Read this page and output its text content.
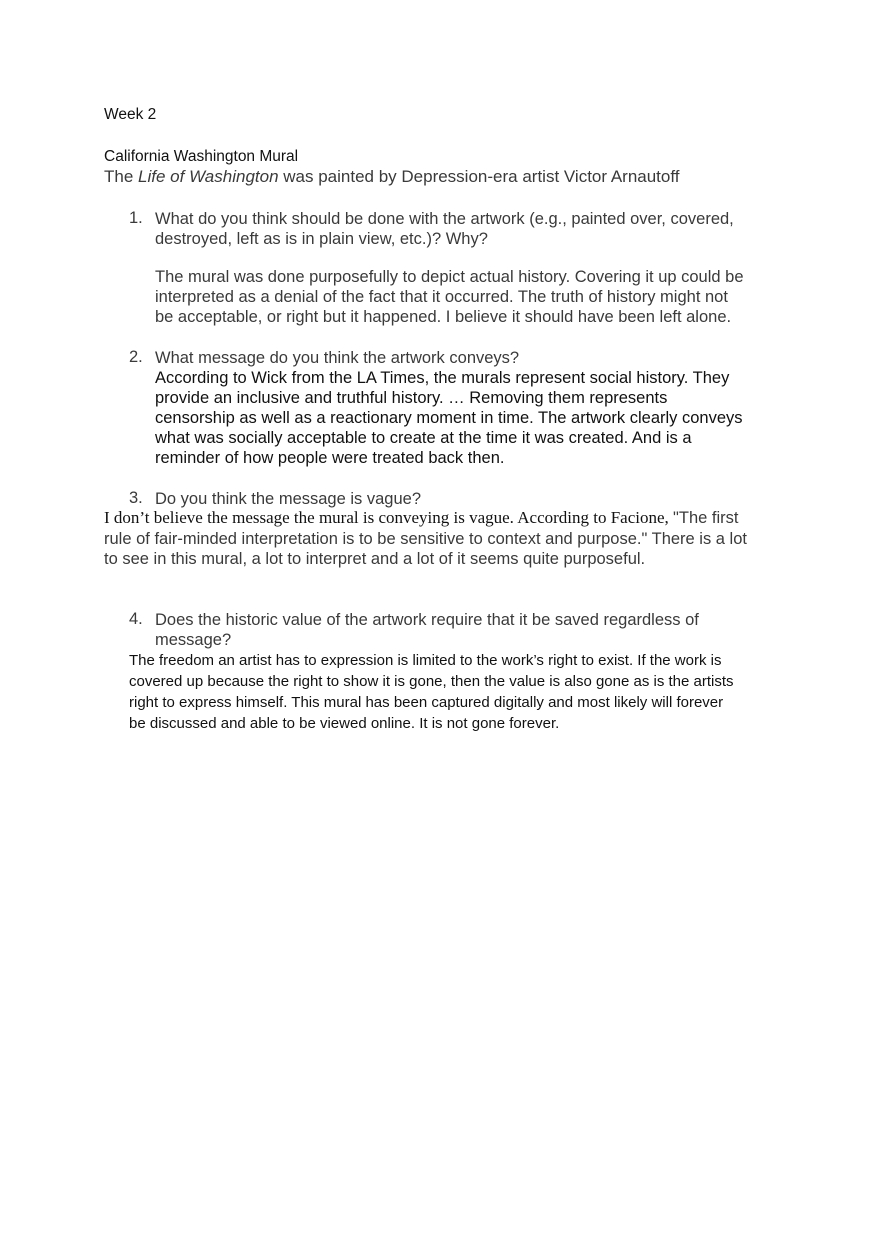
Week 2
California Washington Mural
The Life of Washington was painted by Depression-era artist Victor Arnautoff
1. What do you think should be done with the artwork (e.g., painted over, covered,
destroyed, left as is in plain view, etc.)? Why?
The mural was done purposefully to depict actual history. Covering it up could be
interpreted as a denial of the fact that it occurred. The truth of history might not
be acceptable, or right but it happened. I believe it should have been left alone.
2. What message do you think the artwork conveys?
According to Wick from the LA Times, the murals represent social history. They
provide an inclusive and truthful history. … Removing them represents
censorship as well as a reactionary moment in time. The artwork clearly conveys
what was socially acceptable to create at the time it was created. And is a
reminder of how people were treated back then.
3. Do you think the message is vague?
I don’t believe the message the mural is conveying is vague. According to Facione, "The first
rule of fair-minded interpretation is to be sensitive to context and purpose." There is a lot
to see in this mural, a lot to interpret and a lot of it seems quite purposeful.
4. Does the historic value of the artwork require that it be saved regardless of
message?
The freedom an artist has to expression is limited to the work’s right to exist. If the work is
covered up because the right to show it is gone, then the value is also gone as is the artists
right to express himself. This mural has been captured digitally and most likely will forever
be discussed and able to be viewed online. It is not gone forever.
